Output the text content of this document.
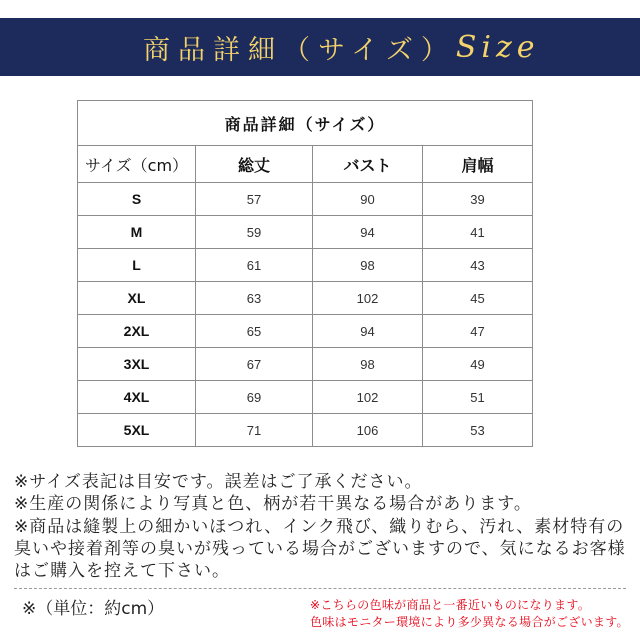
商品詳細（サイズ） Size
商品詳細（サイズ）			
サイズ（cm）	総丈	バスト	肩幅
S	57	90	39
M	59	94	41
L	61	98	43
XL	63	102	45
2XL	65	94	47
3XL	67	98	49
4XL	69	102	51
5XL	71	106	53
※サイズ表記は目安です。誤差はご了承ください。
※生産の関係により写真と色、柄が若干異なる場合があります。
※商品は縫製上の細かいほつれ、インク飛び、織りむら、汚れ、素材特有の
臭いや接着剤等の臭いが残っている場合がございますので、気になるお客様
はご購入を控えて下さい。
※（単位：約cm）	※こちらの色味が商品と一番近いものになります。
色味はモニター環境により多少異なる場合がございます。
